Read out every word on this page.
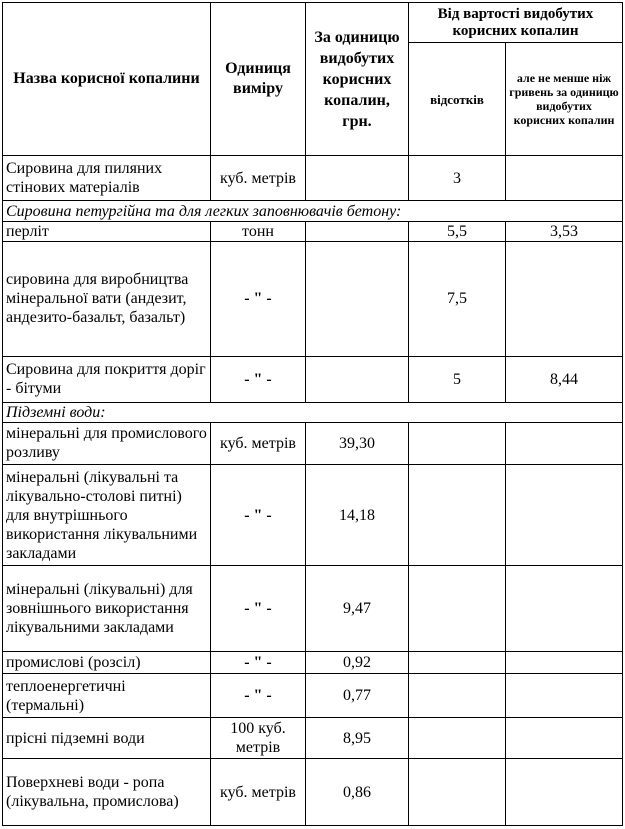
Назва корисної копалини	Одиниця виміру	За одиницю видобутих корисних копалин, грн.	Від вартості видобутих корисних копалин	
			відсотків	але не менше ніж гривень за одиницю видобутих корисних копалин
Сировина для пиляних стінових матеріалів	куб. метрів		3	
Сировина петургійна та для легких заповнювачів бетону:				
перліт	тонн		5,5	3,53
сировина для виробництва мінеральної вати (андезит, андезито-базальт, базальт)	- " -		7,5	
Сировина для покриття доріг - бітуми	- " -		5	8,44
Підземні води:				
мінеральні для промислового розливу	куб. метрів	39,30		
мінеральні (лікувальні та лікувально-столові питні) для внутрішнього використання лікувальними закладами	- " -	14,18		
мінеральні (лікувальні) для зовнішнього використання лікувальними закладами	- " -	9,47		
промислові (розсіл)	- " -	0,92		
теплоенергетичні (термальні)	- " -	0,77		
прісні підземні води	100 куб. метрів	8,95		
Поверхневі води - ропа (лікувальна, промислова)	куб. метрів	0,86		
